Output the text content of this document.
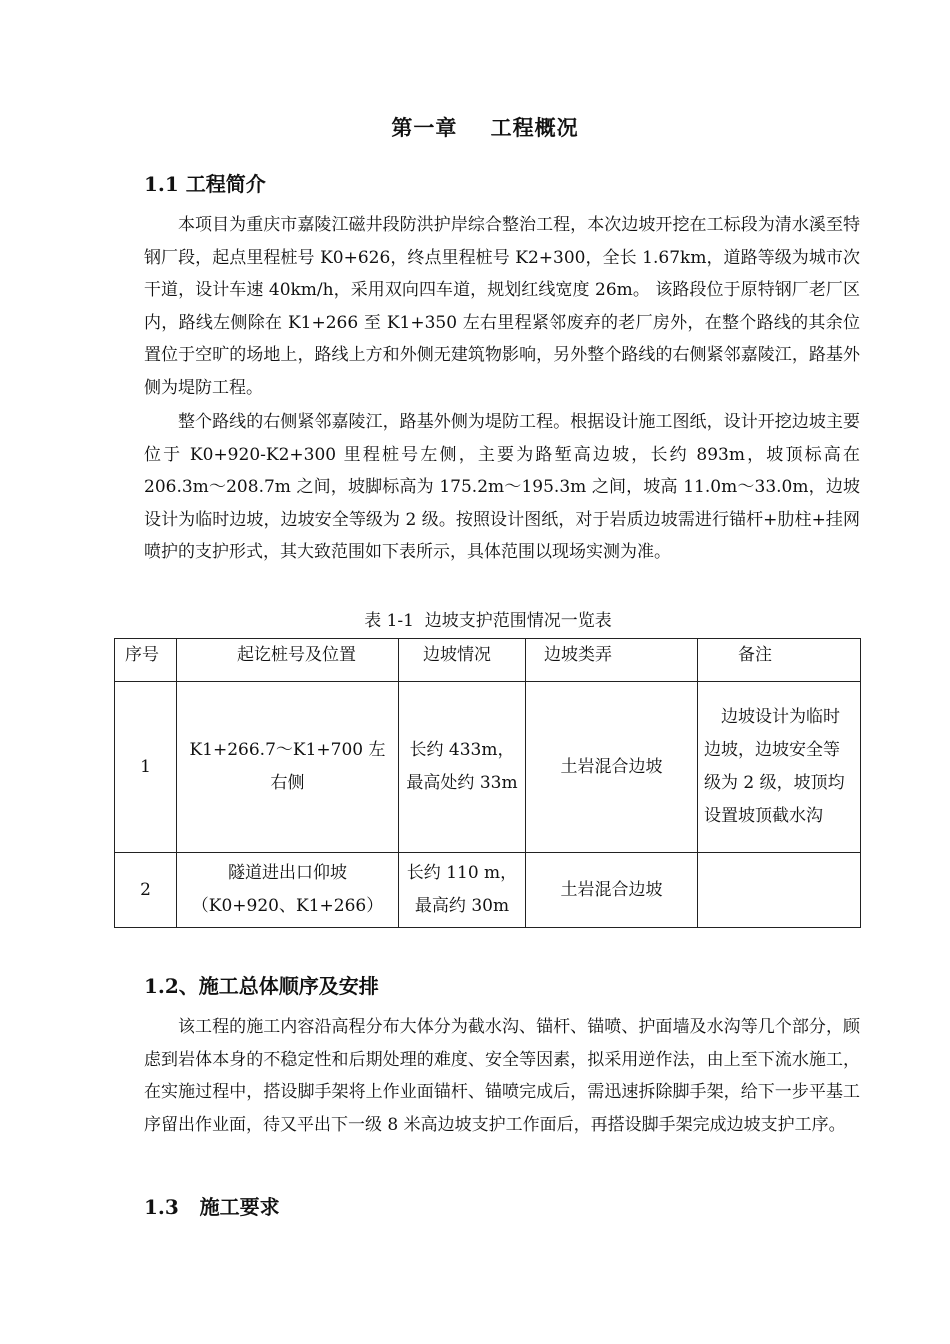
第一章    工程概况
1.1 工程简介

本项目为重庆市嘉陵江磁井段防洪护岸综合整治工程，本次边坡开挖在工标段为清水溪至特钢厂段，起点里程桩号 K0+626，终点里程桩号 K2+300，全长 1.67km，道路等级为城市次干道，设计车速 40km/h，采用双向四车道，规划红线宽度 26m。 该路段位于原特钢厂老厂区内，路线左侧除在 K1+266 至 K1+350 左右里程紧邻废弃的老厂房外，在整个路线的其余位置位于空旷的场地上，路线上方和外侧无建筑物影响，另外整个路线的右侧紧邻嘉陵江，路基外侧为堤防工程。

整个路线的右侧紧邻嘉陵江，路基外侧为堤防工程。根据设计施工图纸，设计开挖边坡主要位于 K0+920-K2+300 里程桩号左侧，主要为路堑高边坡，长约 893m，坡顶标高在 206.3m～208.7m 之间，坡脚标高为 175.2m～195.3m 之间，坡高 11.0m～33.0m，边坡设计为临时边坡，边坡安全等级为 2 级。按照设计图纸，对于岩质边坡需进行锚杆+肋柱+挂网喷护的支护形式，其大致范围如下表所示，具体范围以现场实测为准。

表 1-1  边坡支护范围情况一览表
序号	起讫桩号及位置	边坡情况	边坡类弄	备注
1	K1+266.7～K1+700 左右侧	长约 433m，最高处约 33m	土岩混合边坡	边坡设计为临时边坡，边坡安全等级为 2 级，坡顶均设置坡顶截水沟
2	隧道进出口仰坡（K0+920、K1+266）	长约 110 m，最高约 30m	土岩混合边坡	
1.2、施工总体顺序及安排

该工程的施工内容沿高程分布大体分为截水沟、锚杆、锚喷、护面墙及水沟等几个部分，顾虑到岩体本身的不稳定性和后期处理的难度、安全等因素，拟采用逆作法，由上至下流水施工，在实施过程中，搭设脚手架将上作业面锚杆、锚喷完成后，需迅速拆除脚手架，给下一步平基工序留出作业面，待又平出下一级 8 米高边坡支护工作面后，再搭设脚手架完成边坡支护工序。

1.3   施工要求
